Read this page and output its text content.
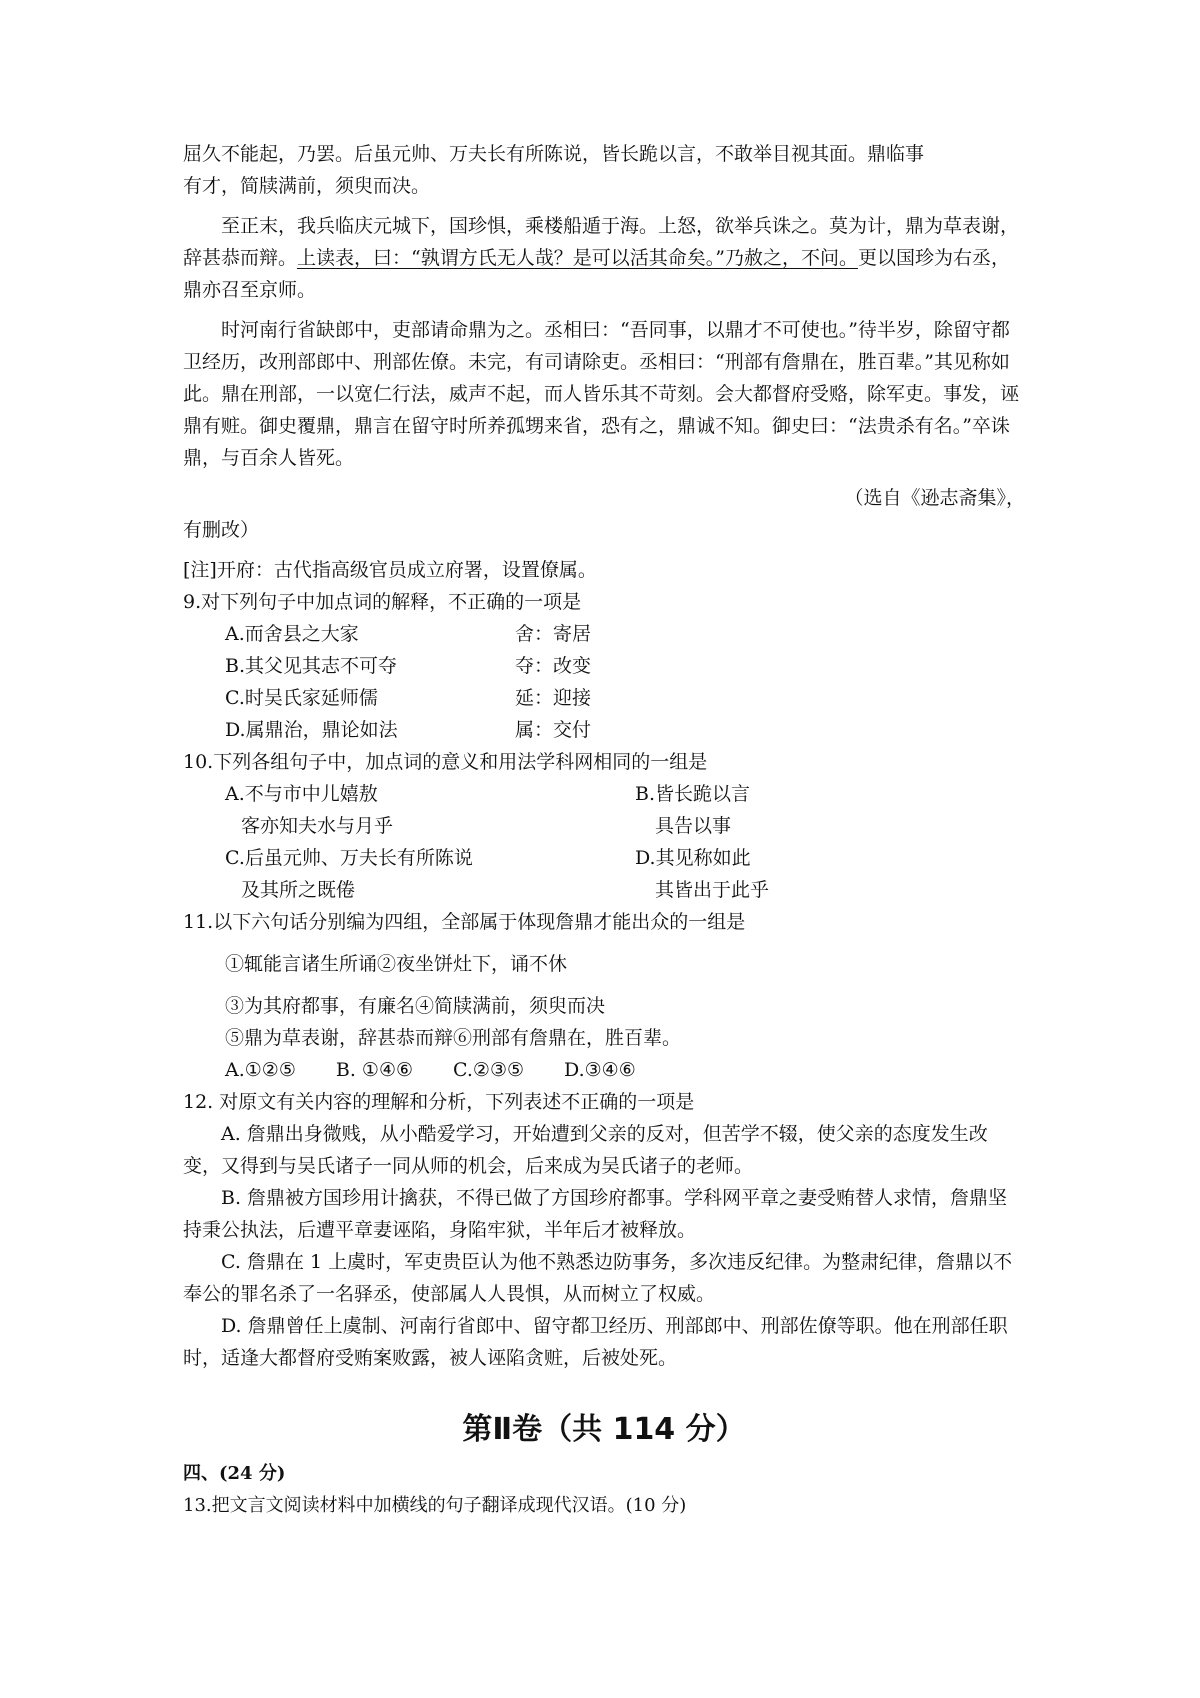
屈久不能起，乃罢。后虽元帅、万夫长有所陈说，皆长跪以言，不敢举目视其面。鼎临事

有才，简牍满前，须臾而决。

至正末，我兵临庆元城下，国珍惧，乘楼船遁于海。上怒，欲举兵诛之。莫为计，鼎为草表谢，辞甚恭而辩。上读表，曰：“孰谓方氏无人哉？是可以活其命矣。”乃赦之，不问。更以国珍为右丞，鼎亦召至京师。

时河南行省缺郎中，吏部请命鼎为之。丞相曰：“吾同事，以鼎才不可使也。”待半岁，除留守都卫经历，改刑部郎中、刑部佐僚。未完，有司请除吏。丞相曰：“刑部有詹鼎在，胜百辈。”其见称如此。鼎在刑部，一以宽仁行法，威声不起，而人皆乐其不苛刻。会大都督府受赂，除军吏。事发，诬鼎有赃。御史覆鼎，鼎言在留守时所养孤甥来省，恐有之，鼎诚不知。御史曰：“法贵杀有名。”卒诛鼎，与百余人皆死。

（选自《逊志斋集》，

有删改）

[注]开府：古代指高级官员成立府署，设置僚属。

9.对下列句子中加点词的解释，不正确的一项是

A.而舍县之大家	舍：寄居
B.其父见其志不可夺	夺：改变
C.时吴氏家延师儒	延：迎接
D.属鼎治，鼎论如法	属：交付

10.下列各组句子中，加点词的意义和用法学科网相同的一组是

A.不与市中儿嬉敖	B.皆长跪以言
客亦知夫水与月乎	具告以事
C.后虽元帅、万夫长有所陈说	D.其见称如此
及其所之既倦	其皆出于此乎

11.以下六句话分别编为四组，全部属于体现詹鼎才能出众的一组是

①辄能言诸生所诵②夜坐饼灶下，诵不休

③为其府都事，有廉名④简牍满前，须臾而决

⑤鼎为草表谢，辞甚恭而辩⑥刑部有詹鼎在，胜百辈。

A.①②⑤ B. ①④⑥ C.②③⑤ D.③④⑥

12. 对原文有关内容的理解和分析，下列表述不正确的一项是

A. 詹鼎出身微贱，从小酷爱学习，开始遭到父亲的反对，但苦学不辍，使父亲的态度发生改变，又得到与吴氏诸子一同从师的机会，后来成为吴氏诸子的老师。

B. 詹鼎被方国珍用计擒获，不得已做了方国珍府都事。学科网平章之妻受贿替人求情，詹鼎坚持秉公执法，后遭平章妻诬陷，身陷牢狱，半年后才被释放。

C. 詹鼎在 1 上虞时，军吏贵臣认为他不熟悉边防事务，多次违反纪律。为整肃纪律，詹鼎以不奉公的罪名杀了一名驿丞，使部属人人畏惧，从而树立了权威。

D. 詹鼎曾任上虞制、河南行省郎中、留守都卫经历、刑部郎中、刑部佐僚等职。他在刑部任职时，适逢大都督府受贿案败露，被人诬陷贪赃，后被处死。

第Ⅱ卷（共 114 分）

四、(24 分)

13.把文言文阅读材料中加横线的句子翻译成现代汉语。(10 分)
